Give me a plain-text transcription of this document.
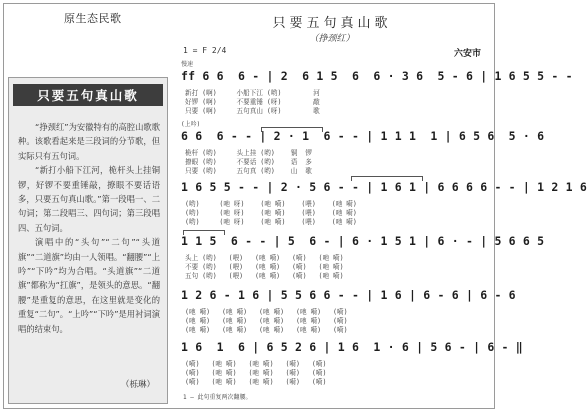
原生态民歌
只要五句真山歌

“挣颈红”为安徽特有的高腔山歌歌种。该歌看起来是三段词的分节歌，但实际只有五句词。

“新打小船下江河，桅杆头上挂铜锣，好锣不要重锤敲，撩眼不要话语多，只要五句真山歌。”第一段唱一、二句词；第二段唱三、四句词；第三段唱四、五句词。

演唱中的“头句”“二句”“头道旗”“二道旗”均由一人领唱。“翻腰”“上吟”“下吟”均为合唱。“头道旗”“二道旗”都称为“扛旗”，是领头的意思。“翻腰”是重复的意思，在这里就是变化的重复“二句”。“上吟”“下吟”是用衬词演唱的结束句。

（栎琳）
只要五句真山歌
（挣颈红）
1 = F 2/4	六安市
慢速
ff 6 6  6 - | 2  6 1 5  6  6 · 3 6  5 - 6 | 1 6 5 5 - -
新打 (啊)     小船下江 (哟)        河
好锣 (啊)     不要重锤 (呀)        敲
只要 (啊)     五句真山 (呀)        歌
(上吟)
6 6  6 - - | 2 · 1  6 - - | 1 1 1  1 | 6 5 6  5 · 6
桅杆 (哟)     头上挂 (哟)    铜  锣
撩眼 (哟)     不要话 (哟)    语  多
只要 (哟)     五句真 (哟)    山  歌
1 6 5 5 - - | 2 · 5 6 - - | 1 6 1 | 6 6 6 6 - - | 1 2 1 6
(哟)     (吔 呀)    (吔 嗬)    (喂)    (吔 嗬)
(哟)     (吔 呀)    (吔 嗬)    (喂)    (吔 嗬)
(哟)     (吔 呀)    (吔 嗬)    (喂)    (吔 嗬)
1 1 5  6 - - | 5  6 - | 6 · 1 5 1 | 6 · - | 5 6 6 5
头上 (哟)   (喂)   (吔 嗬)   (嗬)   (吔 嗬)
不要 (哟)   (喂)   (吔 嗬)   (嗬)   (吔 嗬)
五句 (哟)   (喂)   (吔 嗬)   (嗬)   (吔 嗬)
1 2 6 - 1 6 | 5 5 6 6 - - | 1 6 | 6 - 6 | 6 - 6
(吔 嗬)   (吔 嗬)   (吔 嗬)   (吔 嗬)   (嗬)
(吔 嗬)   (吔 嗬)   (吔 嗬)   (吔 嗬)   (嗬)
(吔 嗬)   (吔 嗬)   (吔 嗬)   (吔 嗬)   (嗬)
1 6  1  6 | 6 5 2 6 | 1 6  1 · 6 | 5 6 - | 6 - ‖
(嗬)   (吔 嗬)   (吔 嗬)   (嗬)   (嗬)
(嗬)   (吔 嗬)   (吔 嗬)   (嗬)   (嗬)
(嗬)   (吔 嗬)   (吔 嗬)   (嗬)   (嗬)
1 — 此句重复两次翻腰。
